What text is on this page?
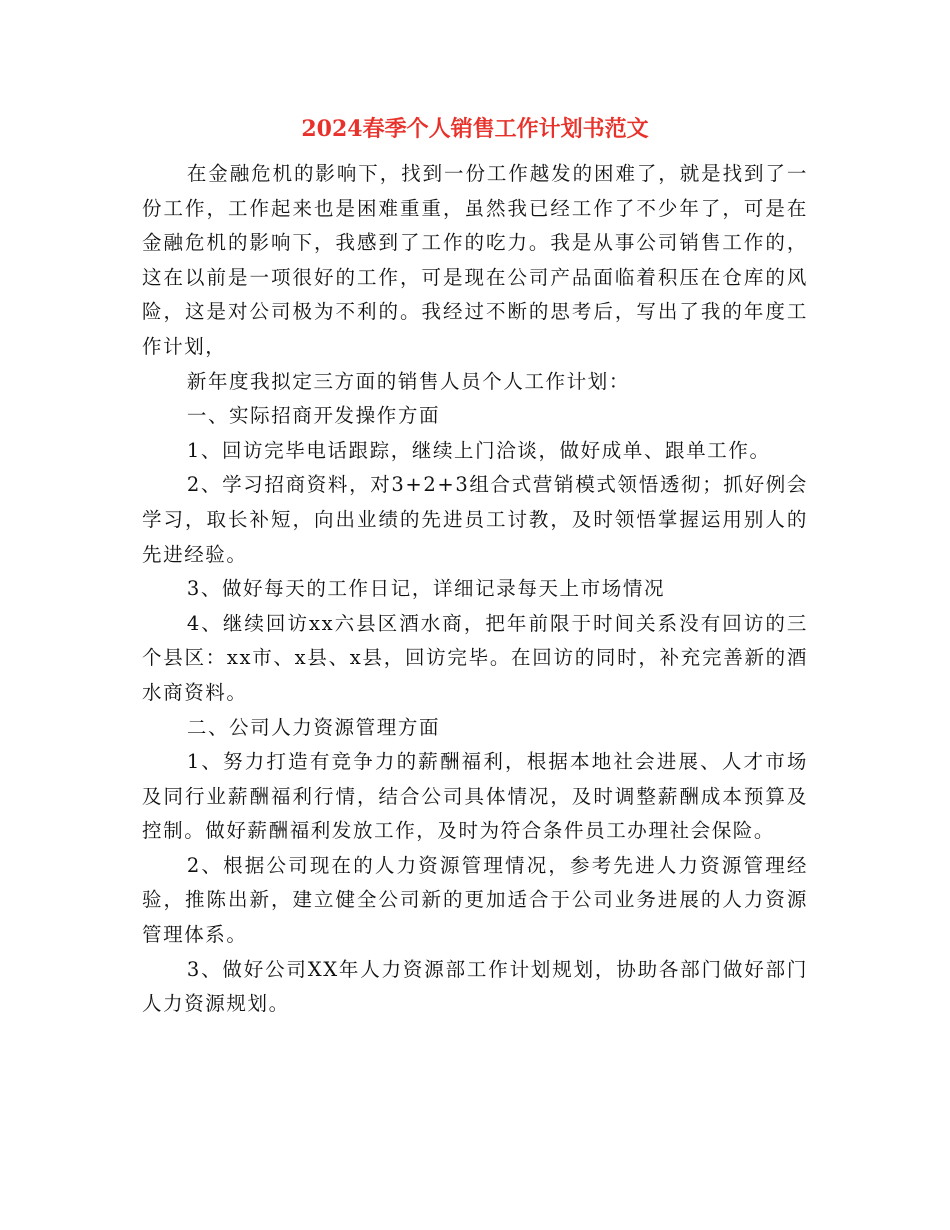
2024春季个人销售工作计划书范文

在金融危机的影响下，找到一份工作越发的困难了，就是找到了一份工作，工作起来也是困难重重，虽然我已经工作了不少年了，可是在金融危机的影响下，我感到了工作的吃力。我是从事公司销售工作的，这在以前是一项很好的工作，可是现在公司产品面临着积压在仓库的风险，这是对公司极为不利的。我经过不断的思考后，写出了我的年度工作计划，

新年度我拟定三方面的销售人员个人工作计划：

一、实际招商开发操作方面

1、回访完毕电话跟踪，继续上门洽谈，做好成单、跟单工作。

2、学习招商资料，对3+2+3组合式营销模式领悟透彻；抓好例会学习，取长补短，向出业绩的先进员工讨教，及时领悟掌握运用别人的先进经验。

3、做好每天的工作日记，详细记录每天上市场情况

4、继续回访xx六县区酒水商，把年前限于时间关系没有回访的三个县区：xx市、x县、x县，回访完毕。在回访的同时，补充完善新的酒水商资料。

二、公司人力资源管理方面

1、努力打造有竞争力的薪酬福利，根据本地社会进展、人才市场及同行业薪酬福利行情，结合公司具体情况，及时调整薪酬成本预算及控制。做好薪酬福利发放工作，及时为符合条件员工办理社会保险。

2、根据公司现在的人力资源管理情况，参考先进人力资源管理经验，推陈出新，建立健全公司新的更加适合于公司业务进展的人力资源管理体系。

3、做好公司XX年人力资源部工作计划规划，协助各部门做好部门人力资源规划。
